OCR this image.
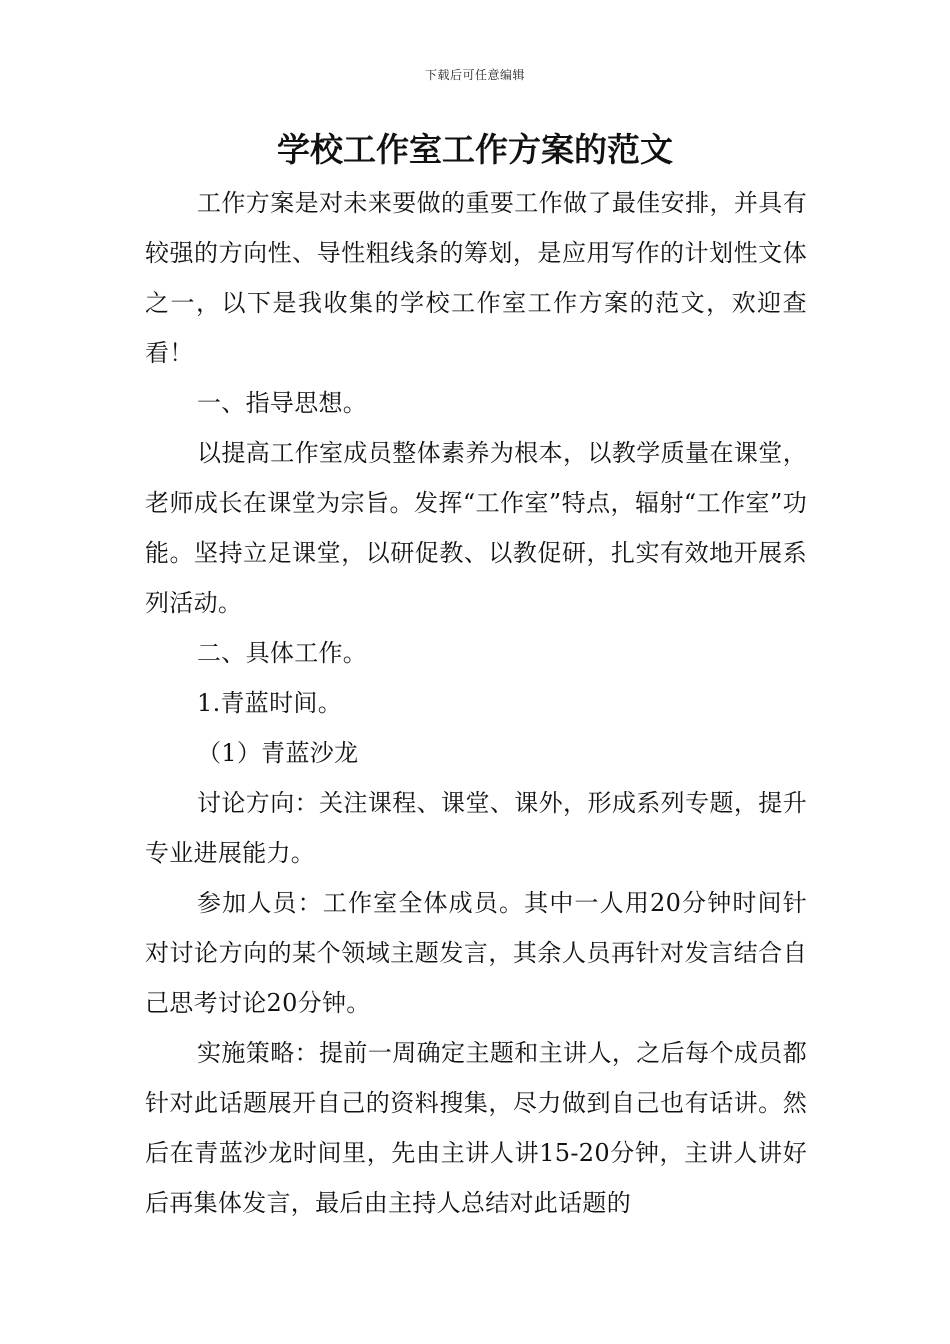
下载后可任意编辑
学校工作室工作方案的范文

工作方案是对未来要做的重要工作做了最佳安排，并具有较强的方向性、导性粗线条的筹划，是应用写作的计划性文体之一，以下是我收集的学校工作室工作方案的范文，欢迎查看！

一、指导思想。

以提高工作室成员整体素养为根本，以教学质量在课堂，老师成长在课堂为宗旨。发挥“工作室”特点，辐射“工作室”功能。坚持立足课堂，以研促教、以教促研，扎实有效地开展系列活动。

二、具体工作。

1.青蓝时间。

（1）青蓝沙龙

讨论方向：关注课程、课堂、课外，形成系列专题，提升专业进展能力。

参加人员：工作室全体成员。其中一人用20分钟时间针对讨论方向的某个领域主题发言，其余人员再针对发言结合自己思考讨论20分钟。

实施策略：提前一周确定主题和主讲人，之后每个成员都针对此话题展开自己的资料搜集，尽力做到自己也有话讲。然后在青蓝沙龙时间里，先由主讲人讲15-20分钟，主讲人讲好后再集体发言，最后由主持人总结对此话题的
